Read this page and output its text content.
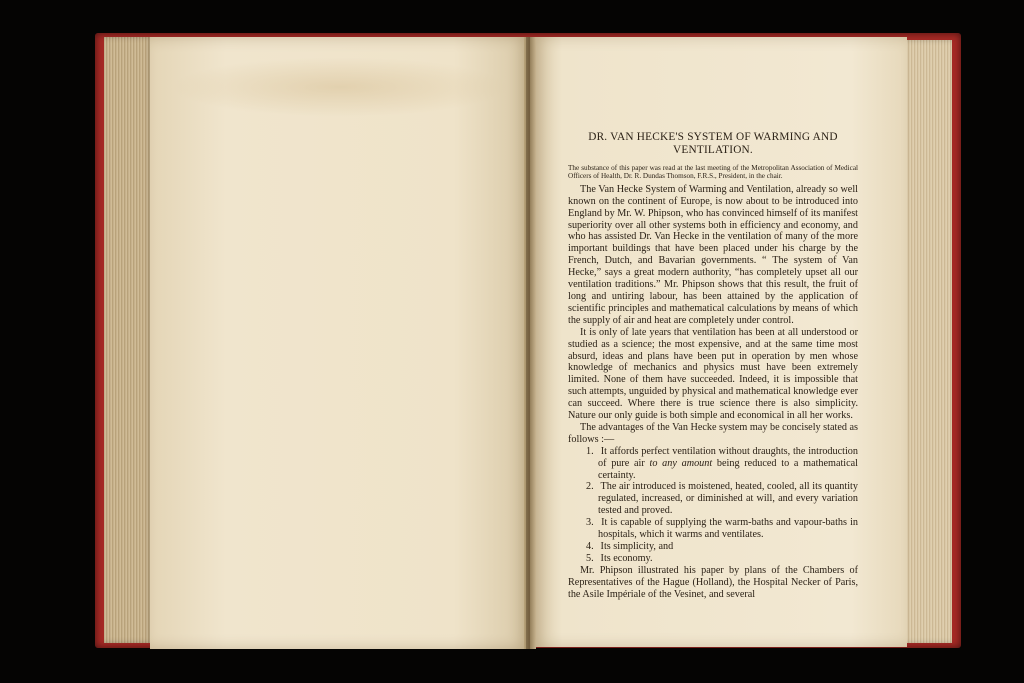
DR. VAN HECKE'S SYSTEM OF WARMING AND VENTILATION.

The substance of this paper was read at the last meeting of the Metropolitan Association of Medical Officers of Health, Dr. R. Dundas Thomson, F.R.S., President, in the chair.

The Van Hecke System of Warming and Ventilation, already so well known on the continent of Europe, is now about to be introduced into England by Mr. W. Phipson, who has convinced himself of its manifest superiority over all other systems both in efficiency and economy, and who has assisted Dr. Van Hecke in the ventilation of many of the more important buildings that have been placed under his charge by the French, Dutch, and Bavarian governments. “ The system of Van Hecke,” says a great modern authority, “has completely upset all our ventilation traditions.” Mr. Phipson shows that this result, the fruit of long and untiring labour, has been attained by the application of scientific principles and mathematical calculations by means of which the supply of air and heat are completely under control.

It is only of late years that ventilation has been at all understood or studied as a science; the most expensive, and at the same time most absurd, ideas and plans have been put in operation by men whose knowledge of mechanics and physics must have been extremely limited. None of them have succeeded. Indeed, it is impossible that such attempts, unguided by physical and mathematical knowledge ever can succeed. Where there is true science there is also simplicity. Nature our only guide is both simple and economical in all her works.

The advantages of the Van Hecke system may be concisely stated as follows :—

1. It affords perfect ventilation without draughts, the introduction of pure air to any amount being reduced to a mathematical certainty.
2. The air introduced is moistened, heated, cooled, all its quantity regulated, increased, or diminished at will, and every variation tested and proved.
3. It is capable of supplying the warm-baths and vapour-baths in hospitals, which it warms and ventilates.
4. Its simplicity, and
5. Its economy.

Mr. Phipson illustrated his paper by plans of the Chambers of Representatives of the Hague (Holland), the Hospital Necker of Paris, the Asile Impériale of the Vesinet, and several
